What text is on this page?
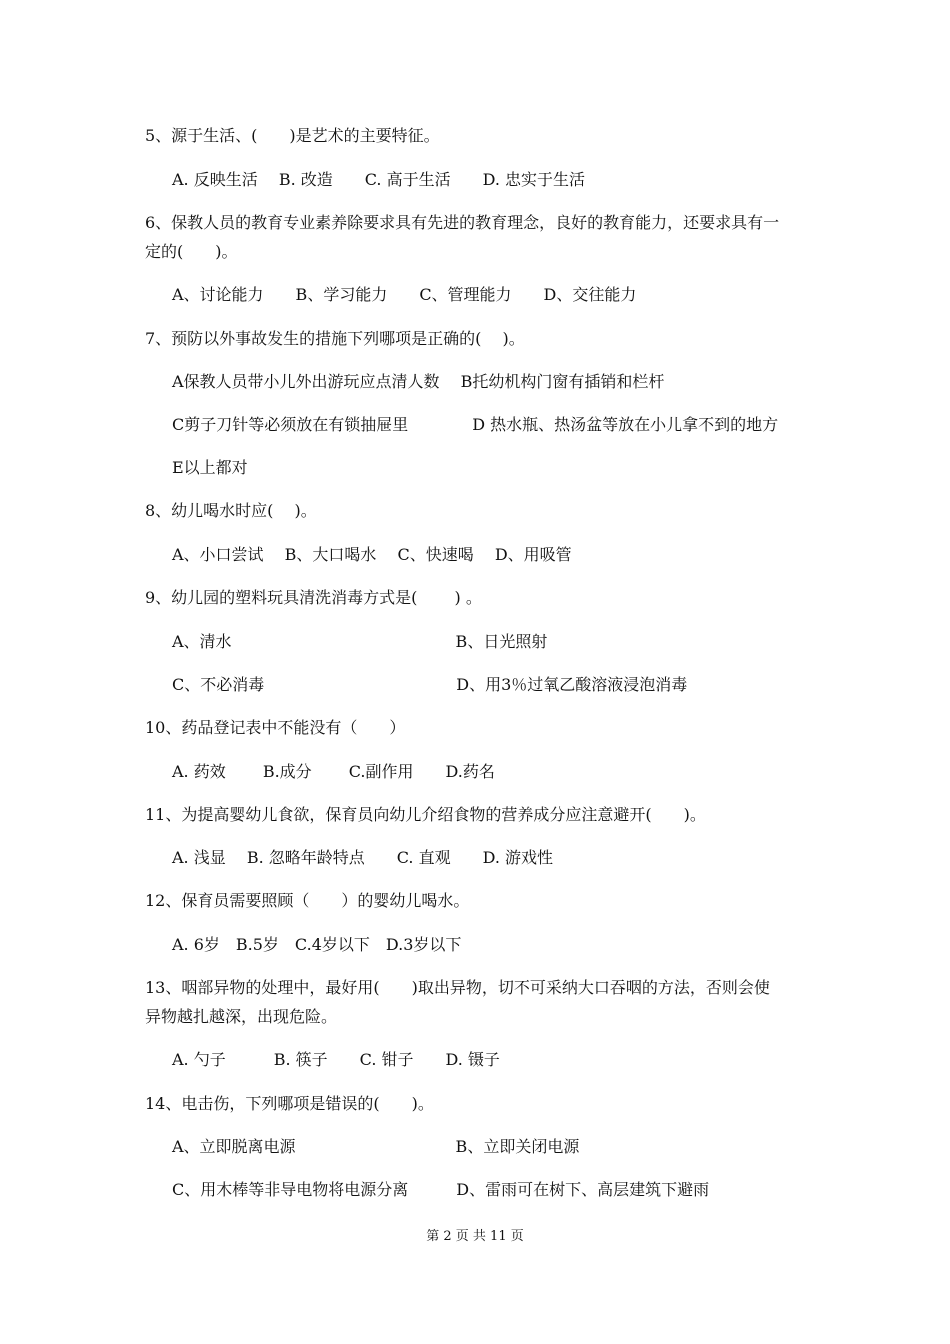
5、源于生活、(　　)是艺术的主要特征。
A. 反映生活　 B. 改造　　C. 高于生活　　D. 忠实于生活
6、保教人员的教育专业素养除要求具有先进的教育理念，良好的教育能力，还要求具有一
定的(　　)。
A、讨论能力　　B、学习能力　　C、管理能力　　D、交往能力
7、预防以外事故发生的措施下列哪项是正确的(　 )。
A保教人员带小儿外出游玩应点清人数　 B托幼机构门窗有插销和栏杆
C剪子刀针等必须放在有锁抽屉里　　　　D 热水瓶、热汤盆等放在小儿拿不到的地方
E以上都对
8、幼儿喝水时应(　 )。
A、小口尝试　 B、大口喝水　 C、快速喝　 D、用吸管
9、幼儿园的塑料玩具清洗消毒方式是(　　 ) 。
A、清水　　　　　　　　　　　　　　B、日光照射
C、不必消毒　　　　　　　　　　　　D、用3％过氧乙酸溶液浸泡消毒
10、药品登记表中不能没有（　　）
A. 药效　　 B.成分　　 C.副作用　　D.药名
11、为提高婴幼儿食欲，保育员向幼儿介绍食物的营养成分应注意避开(　　)。
A. 浅显　 B. 忽略年龄特点　　C. 直观　　D. 游戏性
12、保育员需要照顾（　　）的婴幼儿喝水。
A. 6岁　B.5岁　C.4岁以下　D.3岁以下
13、咽部异物的处理中，最好用(　　)取出异物，切不可采纳大口吞咽的方法，否则会使
异物越扎越深，出现危险。
A. 勺子　　　B. 筷子　　C. 钳子　　D. 镊子
14、电击伤，下列哪项是错误的(　　)。
A、立即脱离电源　　　　　　　　　　B、立即关闭电源
C、用木棒等非导电物将电源分离　　　D、雷雨可在树下、高层建筑下避雨
第 2 页 共 11 页
